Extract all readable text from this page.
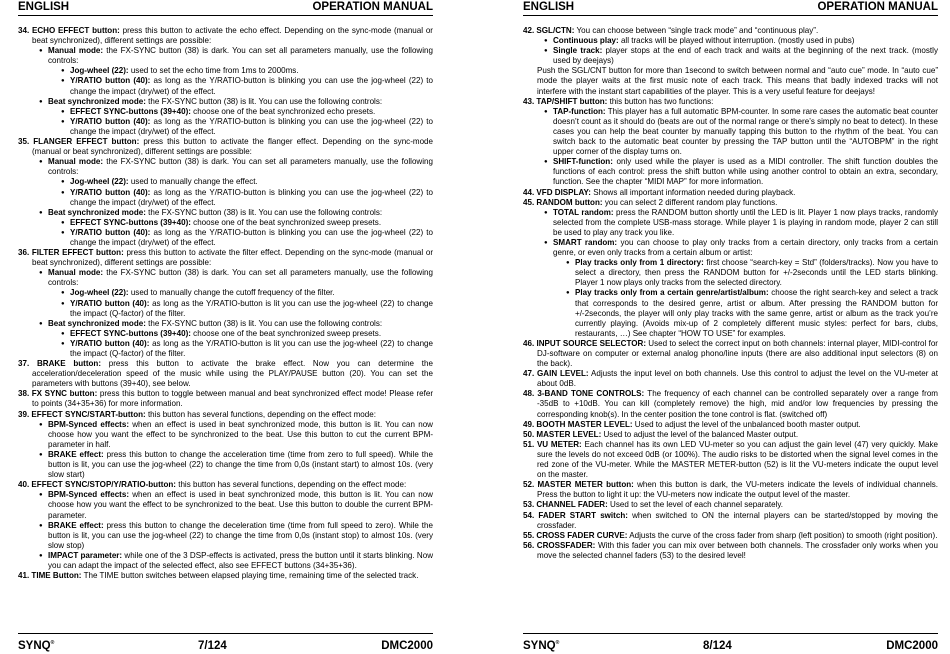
ENGLISH	OPERATION MANUAL
34. ECHO EFFECT button: press this button to activate the echo effect. Depending on the sync-mode (manual or beat synchronized), different settings are possible:
● Manual mode: the FX-SYNC button (38) is dark. You can set all parameters manually, use the following controls:
● Jog-wheel (22): used to set the echo time from 1ms to 2000ms.
● Y/RATIO button (40): as long as the Y/RATIO-button is blinking you can use the jog-wheel (22) to change the impact (dry/wet) of the effect.
● Beat synchronized mode: the FX-SYNC button (38) is lit. You can use the following controls:
● EFFECT SYNC-buttons (39+40): choose one of the beat synchronized echo presets.
● Y/RATIO button (40): as long as the Y/RATIO-button is blinking you can use the jog-wheel (22) to change the impact (dry/wet) of the effect.
35. FLANGER EFFECT button: press this button to activate the flanger effect. Depending on the sync-mode (manual or beat synchronized), different settings are possible:
● Manual mode: the FX-SYNC button (38) is dark. You can set all parameters manually, use the following controls:
● Jog-wheel (22): used to manually change the effect.
● Y/RATIO button (40): as long as the Y/RATIO-button is blinking you can use the jog-wheel (22) to change the impact (dry/wet) of the effect.
● Beat synchronized mode: the FX-SYNC button (38) is lit. You can use the following controls:
● EFFECT SYNC-buttons (39+40): choose one of the beat synchronized sweep presets.
● Y/RATIO button (40): as long as the Y/RATIO-button is blinking you can use the jog-wheel (22) to change the impact (dry/wet) of the effect.
36. FILTER EFFECT button: press this button to activate the filter effect. Depending on the sync-mode (manual or beat synchronized), different settings are possible:
● Manual mode: the FX-SYNC button (38) is dark. You can set all parameters manually, use the following controls:
● Jog-wheel (22): used to manually change the cutoff frequency of the filter.
● Y/RATIO button (40): as long as the Y/RATIO-button is lit you can use the jog-wheel (22) to change the impact (Q-factor) of the filter.
● Beat synchronized mode: the FX-SYNC button (38) is lit. You can use the following controls:
● EFFECT SYNC-buttons (39+40): choose one of the beat synchronized sweep presets.
● Y/RATIO button (40): as long as the Y/RATIO-button is lit you can use the jog-wheel (22) to change the impact (Q-factor) of the filter.
37. BRAKE button: press this button to activate the brake effect. Now you can determine the acceleration/deceleration speed of the music while using the PLAY/PAUSE button (20). You can set the parameters with buttons (39+40), see below.
38. FX SYNC button: press this button to toggle between manual and beat synchronized effect mode! Please refer to points (34+35+36) for more information.
39. EFFECT SYNC/START-button: this button has several functions, depending on the effect mode:
● BPM-Synced effects: when an effect is used in beat synchronized mode, this button is lit. You can now choose how you want the effect to be synchronized to the beat. Use this button to cut the current BPM-parameter in half.
● BRAKE effect: press this button to change the acceleration time (time from zero to full speed). While the button is lit, you can use the jog-wheel (22) to change the time from 0,0s (instant start) to almost 10s. (very slow start)
40. EFFECT SYNC/STOP/Y/RATIO-button: this button has several functions, depending on the effect mode:
● BPM-Synced effects: when an effect is used in beat synchronized mode, this button is lit. You can now choose how you want the effect to be synchronized to the beat. Use this button to double the current BPM-parameter.
● BRAKE effect: press this button to change the deceleration time (time from full speed to zero). While the button is lit, you can use the jog-wheel (22) to change the time from 0,0s (instant stop) to almost 10s. (very slow stop)
● IMPACT parameter: while one of the 3 DSP-effects is activated, press the button until it starts blinking. Now you can adapt the impact of the selected effect, also see EFFECT buttons (34+35+36).
41. TIME Button: The TIME button switches between elapsed playing time, remaining time of the selected track.
SYNQ®	7/124	DMC2000
ENGLISH	OPERATION MANUAL
42. SGL/CTN: You can choose between “single track mode” and “continuous play”.
● Continuous play: all tracks will be played without interruption. (mostly used in pubs)
● Single track: player stops at the end of each track and waits at the beginning of the next track. (mostly used by deejays)
Push the SGL/CNT button for more than 1second to switch between normal and “auto cue” mode. In “auto cue” mode the player waits at the first music note of each track. This means that badly indexed tracks will not interfere with the instant start capabilities of the player. This is a very useful feature for deejays!
43. TAP/SHIFT button: this button has two functions:
● TAP-function: This player has a full automatic BPM-counter. In some rare cases the automatic beat counter doesn’t count as it should do (beats are out of the normal range or there’s simply no beat to detect). In these cases you can help the beat counter by manually tapping this button to the rhythm of the beat. You can switch back to the automatic beat counter by pressing the TAP button until the “AUTOBPM” in the right upper corner of the display turns on.
● SHIFT-function: only used while the player is used as a MIDI controller. The shift function doubles the functions of each control: press the shift button while using another control to obtain an extra, secondary, function. See the chapter “MIDI MAP” for more information.
44. VFD DISPLAY: Shows all important information needed during playback.
45. RANDOM button: you can select 2 different random play functions.
● TOTAL random: press the RANDOM button shortly until the LED is lit. Player 1 now plays tracks, randomly selected from the complete USB-mass storage. While player 1 is playing in random mode, player 2 can still be used to play any track you like.
● SMART random: you can choose to play only tracks from a certain directory, only tracks from a certain genre, or even only tracks from a certain album or artist:
● Play tracks only from 1 directory: first choose “search-key = Std” (folders/tracks). Now you have to select a directory, then press the RANDOM button for +/-2seconds until the LED starts blinking. Player 1 now plays only tracks from the selected directory.
● Play tracks only from a certain genre/artist/album: choose the right search-key and select a track that corresponds to the desired genre, artist or album. After pressing the RANDOM button for +/-2seconds, the player will only play tracks with the same genre, artist or album as the track you’re currently playing. (Avoids mix-up of 2 completely different music styles: perfect for bars, clubs, restaurants, …) See chapter “HOW TO USE” for examples.
46. INPUT SOURCE SELECTOR: Used to select the correct input on both channels: internal player, MIDI-control for DJ-software on computer or external analog phono/line inputs (there are also additional input selectors (8) on the back).
47. GAIN LEVEL: Adjusts the input level on both channels. Use this control to adjust the level on the VU-meter at about 0dB.
48. 3-BAND TONE CONTROLS: The frequency of each channel can be controlled separately over a range from -35dB to +10dB. You can kill (completely remove) the high, mid and/or low frequencies by pressing the corresponding knob(s). In the center position the tone control is flat. (switched off)
49. BOOTH MASTER LEVEL: Used to adjust the level of the unbalanced booth master output.
50. MASTER LEVEL: Used to adjust the level of the balanced Master output.
51. VU METER: Each channel has its own LED VU-meter so you can adjust the gain level (47) very quickly. Make sure the levels do not exceed 0dB (or 100%). The audio risks to be distorted when the signal level comes in the red zone of the VU-meter. While the MASTER METER-button (52) is lit the VU-meters indicate the ouput level on the master.
52. MASTER METER button: when this button is dark, the VU-meters indicate the levels of individual channels. Press the button to light it up: the VU-meters now indicate the output level of the master.
53. CHANNEL FADER: Used to set the level of each channel separately.
54. FADER START switch: when switched to ON the internal players can be started/stopped by moving the crossfader.
55. CROSS FADER CURVE: Adjusts the curve of the cross fader from sharp (left position) to smooth (right position).
56. CROSSFADER: With this fader you can mix over between both channels. The crossfader only works when you move the selected channel faders (53) to the desired level!
SYNQ®	8/124	DMC2000
